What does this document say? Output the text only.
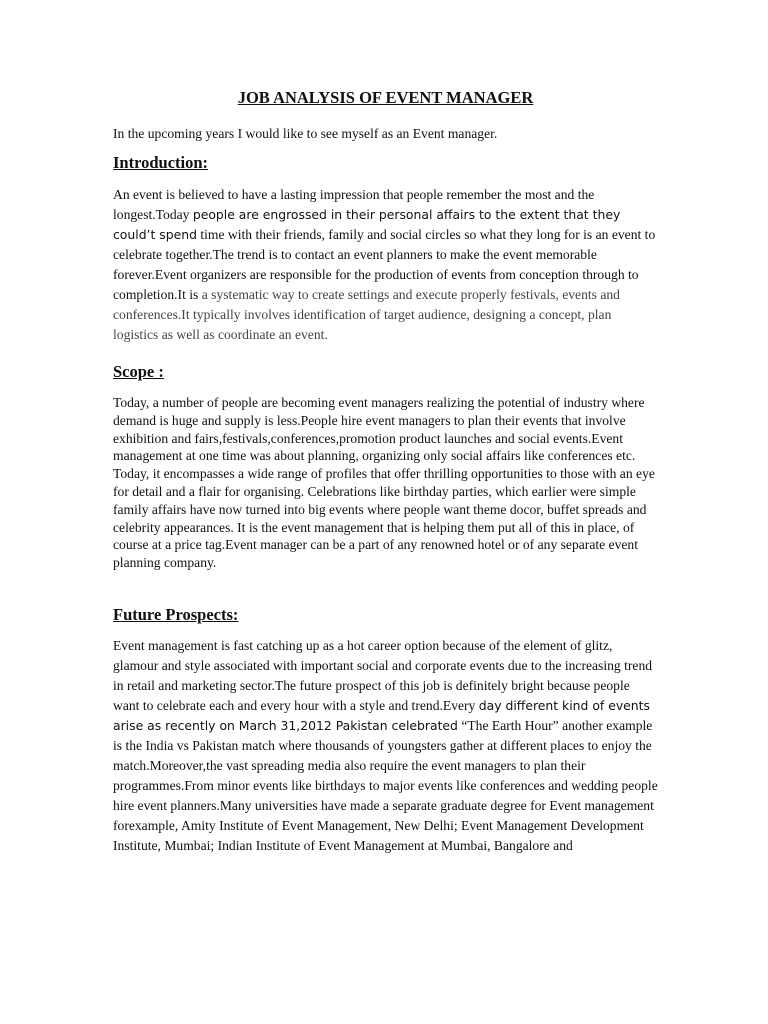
JOB ANALYSIS OF EVENT MANAGER

In the upcoming years I would like to see myself as an Event manager.

Introduction:

An event is believed to have a lasting impression that people remember the most and the longest.Today people are engrossed in their personal affairs to the extent that they could’t spend time with their friends, family and social circles so what they long for is an event to celebrate together.The trend is to contact an event planners to make the event memorable forever.Event organizers are responsible for the production of events from conception through to completion.It is a systematic way to create settings and execute properly festivals, events and conferences.It typically involves identification of target audience, designing a concept, plan logistics as well as coordinate an event.

Scope :

Today, a number of people are becoming event managers realizing the potential of industry where demand is huge and supply is less.People hire event managers to plan their events that involve exhibition and fairs,festivals,conferences,promotion product launches and social events.Event management at one time was about planning, organizing only social affairs like conferences etc. Today, it encompasses a wide range of profiles that offer thrilling opportunities to those with an eye for detail and a flair for organising. Celebrations like birthday parties, which earlier were simple family affairs have now turned into big events where people want theme docor, buffet spreads and celebrity appearances. It is the event management that is helping them put all of this in place, of course at a price tag.Event manager can be a part of any renowned hotel or of any separate event planning company.

Future Prospects:

Event management is fast catching up as a hot career option because of the element of glitz, glamour and style associated with important social and corporate events due to the increasing trend in retail and marketing sector.The future prospect of this job is definitely bright because people want to celebrate each and every hour with a style and trend.Every day different kind of events arise as recently on March 31,2012 Pakistan celebrated “The Earth Hour” another example is the India vs Pakistan match where thousands of youngsters gather at different places to enjoy the match.Moreover,the vast spreading media also require the event managers to plan their programmes.From minor events like birthdays to major events like conferences and wedding people hire event planners.Many universities have made a separate graduate degree for Event management forexample, Amity Institute of Event Management, New Delhi; Event Management Development Institute, Mumbai; Indian Institute of Event Management at Mumbai, Bangalore and
